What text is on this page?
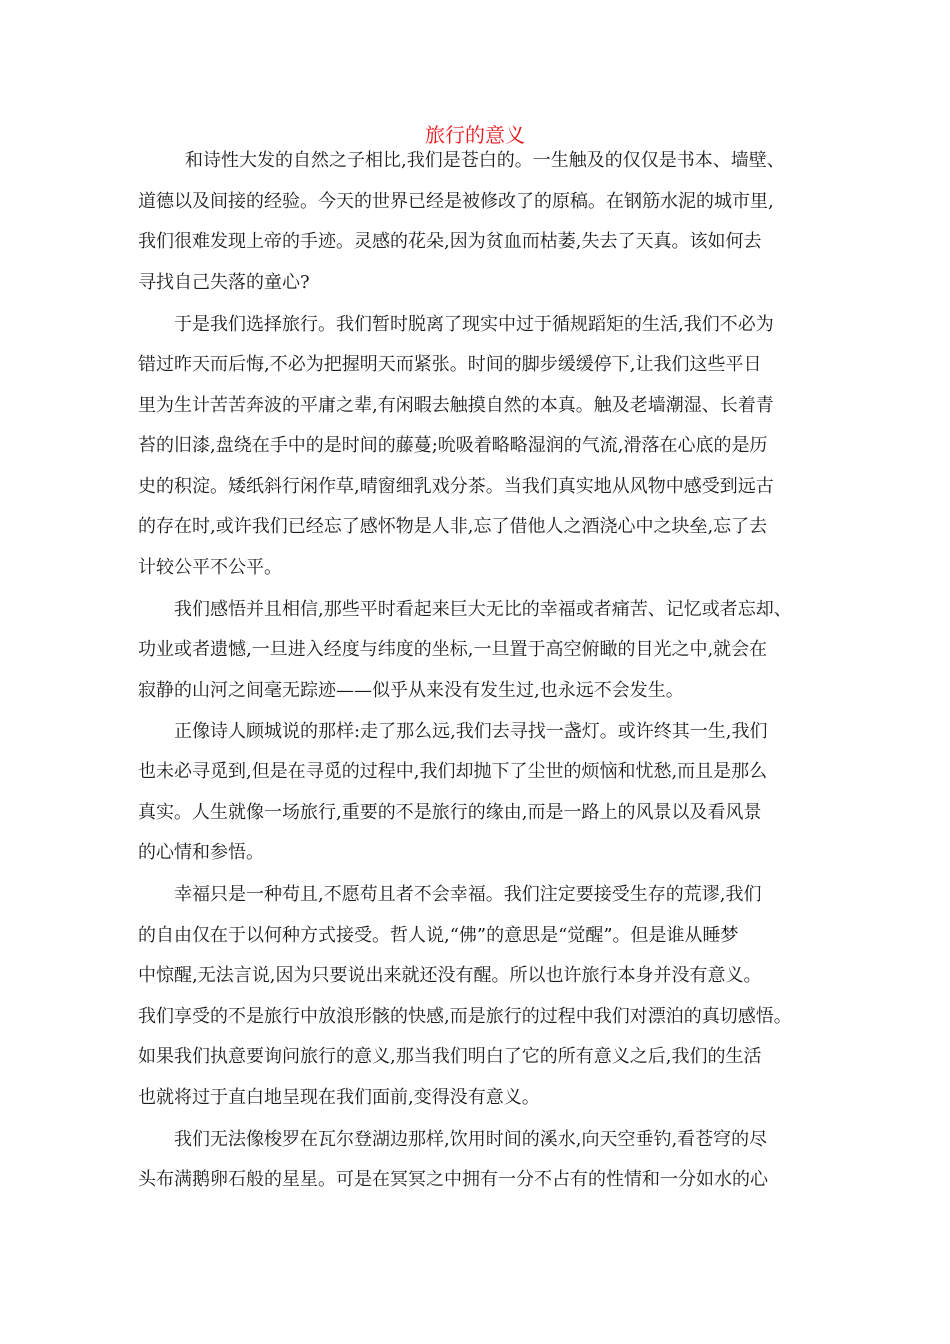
旅行的意义
和诗性大发的自然之子相比,我们是苍白的。一生触及的仅仅是书本、墙壁、
道德以及间接的经验。今天的世界已经是被修改了的原稿。在钢筋水泥的城市里,
我们很难发现上帝的手迹。灵感的花朵,因为贫血而枯萎,失去了天真。该如何去
寻找自己失落的童心?
于是我们选择旅行。我们暂时脱离了现实中过于循规蹈矩的生活,我们不必为
错过昨天而后悔,不必为把握明天而紧张。时间的脚步缓缓停下,让我们这些平日
里为生计苦苦奔波的平庸之辈,有闲暇去触摸自然的本真。触及老墙潮湿、长着青
苔的旧漆,盘绕在手中的是时间的藤蔓;吮吸着略略湿润的气流,滑落在心底的是历
史的积淀。矮纸斜行闲作草,晴窗细乳戏分茶。当我们真实地从风物中感受到远古
的存在时,或许我们已经忘了感怀物是人非,忘了借他人之酒浇心中之块垒,忘了去
计较公平不公平。
我们感悟并且相信,那些平时看起来巨大无比的幸福或者痛苦、记忆或者忘却、
功业或者遗憾,一旦进入经度与纬度的坐标,一旦置于高空俯瞰的目光之中,就会在
寂静的山河之间毫无踪迹——似乎从来没有发生过,也永远不会发生。
正像诗人顾城说的那样:走了那么远,我们去寻找一盏灯。或许终其一生,我们
也未必寻觅到,但是在寻觅的过程中,我们却抛下了尘世的烦恼和忧愁,而且是那么
真实。人生就像一场旅行,重要的不是旅行的缘由,而是一路上的风景以及看风景
的心情和参悟。
幸福只是一种苟且,不愿苟且者不会幸福。我们注定要接受生存的荒谬,我们
的自由仅在于以何种方式接受。哲人说,“佛”的意思是“觉醒”。但是谁从睡梦
中惊醒,无法言说,因为只要说出来就还没有醒。所以也许旅行本身并没有意义。
我们享受的不是旅行中放浪形骸的快感,而是旅行的过程中我们对漂泊的真切感悟。
如果我们执意要询问旅行的意义,那当我们明白了它的所有意义之后,我们的生活
也就将过于直白地呈现在我们面前,变得没有意义。
我们无法像梭罗在瓦尔登湖边那样,饮用时间的溪水,向天空垂钓,看苍穹的尽
头布满鹅卵石般的星星。可是在冥冥之中拥有一分不占有的性情和一分如水的心
